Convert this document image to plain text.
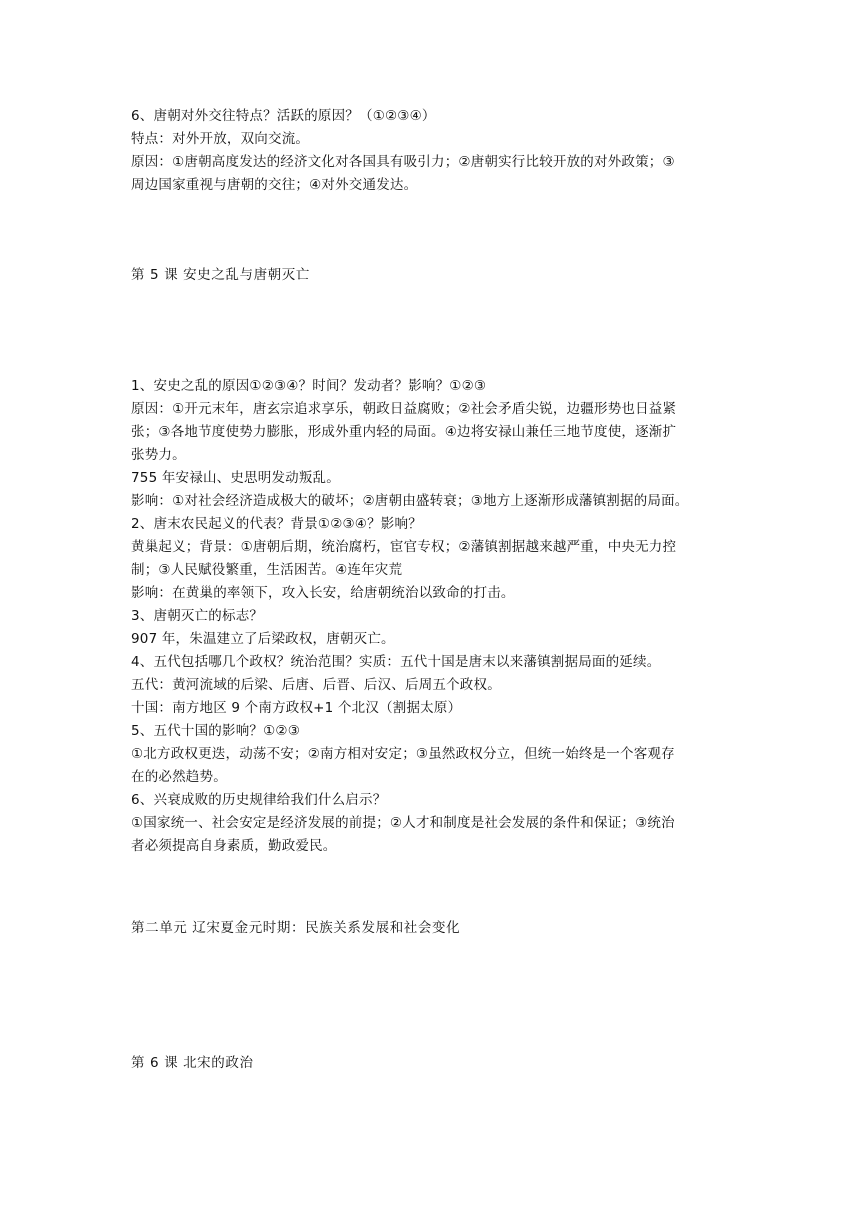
6、唐朝对外交往特点？活跃的原因？（①②③④）

特点：对外开放，双向交流。

原因：①唐朝高度发达的经济文化对各国具有吸引力；②唐朝实行比较开放的对外政策；③

周边国家重视与唐朝的交往；④对外交通发达。

第 5 课 安史之乱与唐朝灭亡

1、安史之乱的原因①②③④？时间？发动者？影响？①②③

原因：①开元末年，唐玄宗追求享乐，朝政日益腐败；②社会矛盾尖锐，边疆形势也日益紧

张；③各地节度使势力膨胀，形成外重内轻的局面。④边将安禄山兼任三地节度使，逐渐扩

张势力。

755 年安禄山、史思明发动叛乱。

影响：①对社会经济造成极大的破坏；②唐朝由盛转衰；③地方上逐渐形成藩镇割据的局面。

2、唐末农民起义的代表？背景①②③④？影响？

黄巢起义；背景：①唐朝后期，统治腐朽，宦官专权；②藩镇割据越来越严重，中央无力控

制；③人民赋役繁重，生活困苦。④连年灾荒

影响：在黄巢的率领下，攻入长安，给唐朝统治以致命的打击。

3、唐朝灭亡的标志？

907 年，朱温建立了后梁政权，唐朝灭亡。

4、五代包括哪几个政权？统治范围？实质：五代十国是唐末以来藩镇割据局面的延续。

五代：黄河流域的后梁、后唐、后晋、后汉、后周五个政权。

十国：南方地区 9 个南方政权+1 个北汉（割据太原）

5、五代十国的影响？①②③

①北方政权更迭，动荡不安；②南方相对安定；③虽然政权分立，但统一始终是一个客观存

在的必然趋势。

6、兴衰成败的历史规律给我们什么启示？

①国家统一、社会安定是经济发展的前提；②人才和制度是社会发展的条件和保证；③统治

者必须提高自身素质，勤政爱民。

第二单元 辽宋夏金元时期：民族关系发展和社会变化

第 6 课 北宋的政治
